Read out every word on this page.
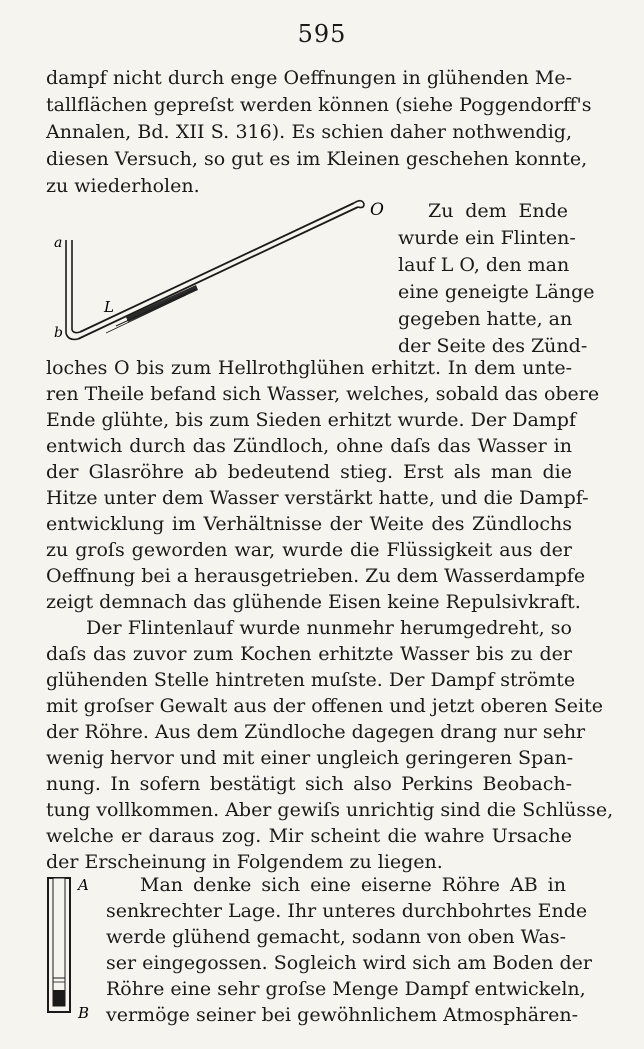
595
dampf nicht durch enge Oeffnungen in glühenden Me-
tallflächen gepreſst werden können (siehe Poggendorff's
Annalen, Bd. XII S. 316). Es schien daher nothwendig,
diesen Versuch, so gut es im Kleinen geschehen konnte,
zu wiederholen.
a
b
L
O Zu dem Ende
wurde ein Flinten-
lauf L O, den man
eine geneigte Länge
gegeben hatte, an
der Seite des Zünd-
loches O bis zum Hellrothglühen erhitzt. In dem unte-
ren Theile befand sich Wasser, welches, sobald das obere
Ende glühte, bis zum Sieden erhitzt wurde. Der Dampf
entwich durch das Zündloch, ohne daſs das Wasser in
der Glasröhre ab bedeutend stieg. Erst als man die
Hitze unter dem Wasser verstärkt hatte, und die Dampf-
entwicklung im Verhältnisse der Weite des Zündlochs
zu groſs geworden war, wurde die Flüssigkeit aus der
Oeffnung bei a herausgetrieben. Zu dem Wasserdampfe
zeigt demnach das glühende Eisen keine Repulsivkraft.
Der Flintenlauf wurde nunmehr herumgedreht, so
daſs das zuvor zum Kochen erhitzte Wasser bis zu der
glühenden Stelle hintreten muſste. Der Dampf strömte
mit groſser Gewalt aus der offenen und jetzt oberen Seite
der Röhre. Aus dem Zündloche dagegen drang nur sehr
wenig hervor und mit einer ungleich geringeren Span-
nung. In sofern bestätigt sich also Perkins Beobach-
tung vollkommen. Aber gewiſs unrichtig sind die Schlüsse,
welche er daraus zog. Mir scheint die wahre Ursache
der Erscheinung in Folgendem zu liegen.
A
B
Man denke sich eine eiserne Röhre AB in
senkrechter Lage. Ihr unteres durchbohrtes Ende
werde glühend gemacht, sodann von oben Was-
ser eingegossen. Sogleich wird sich am Boden der
Röhre eine sehr groſse Menge Dampf entwickeln,
vermöge seiner bei gewöhnlichem Atmosphären-
